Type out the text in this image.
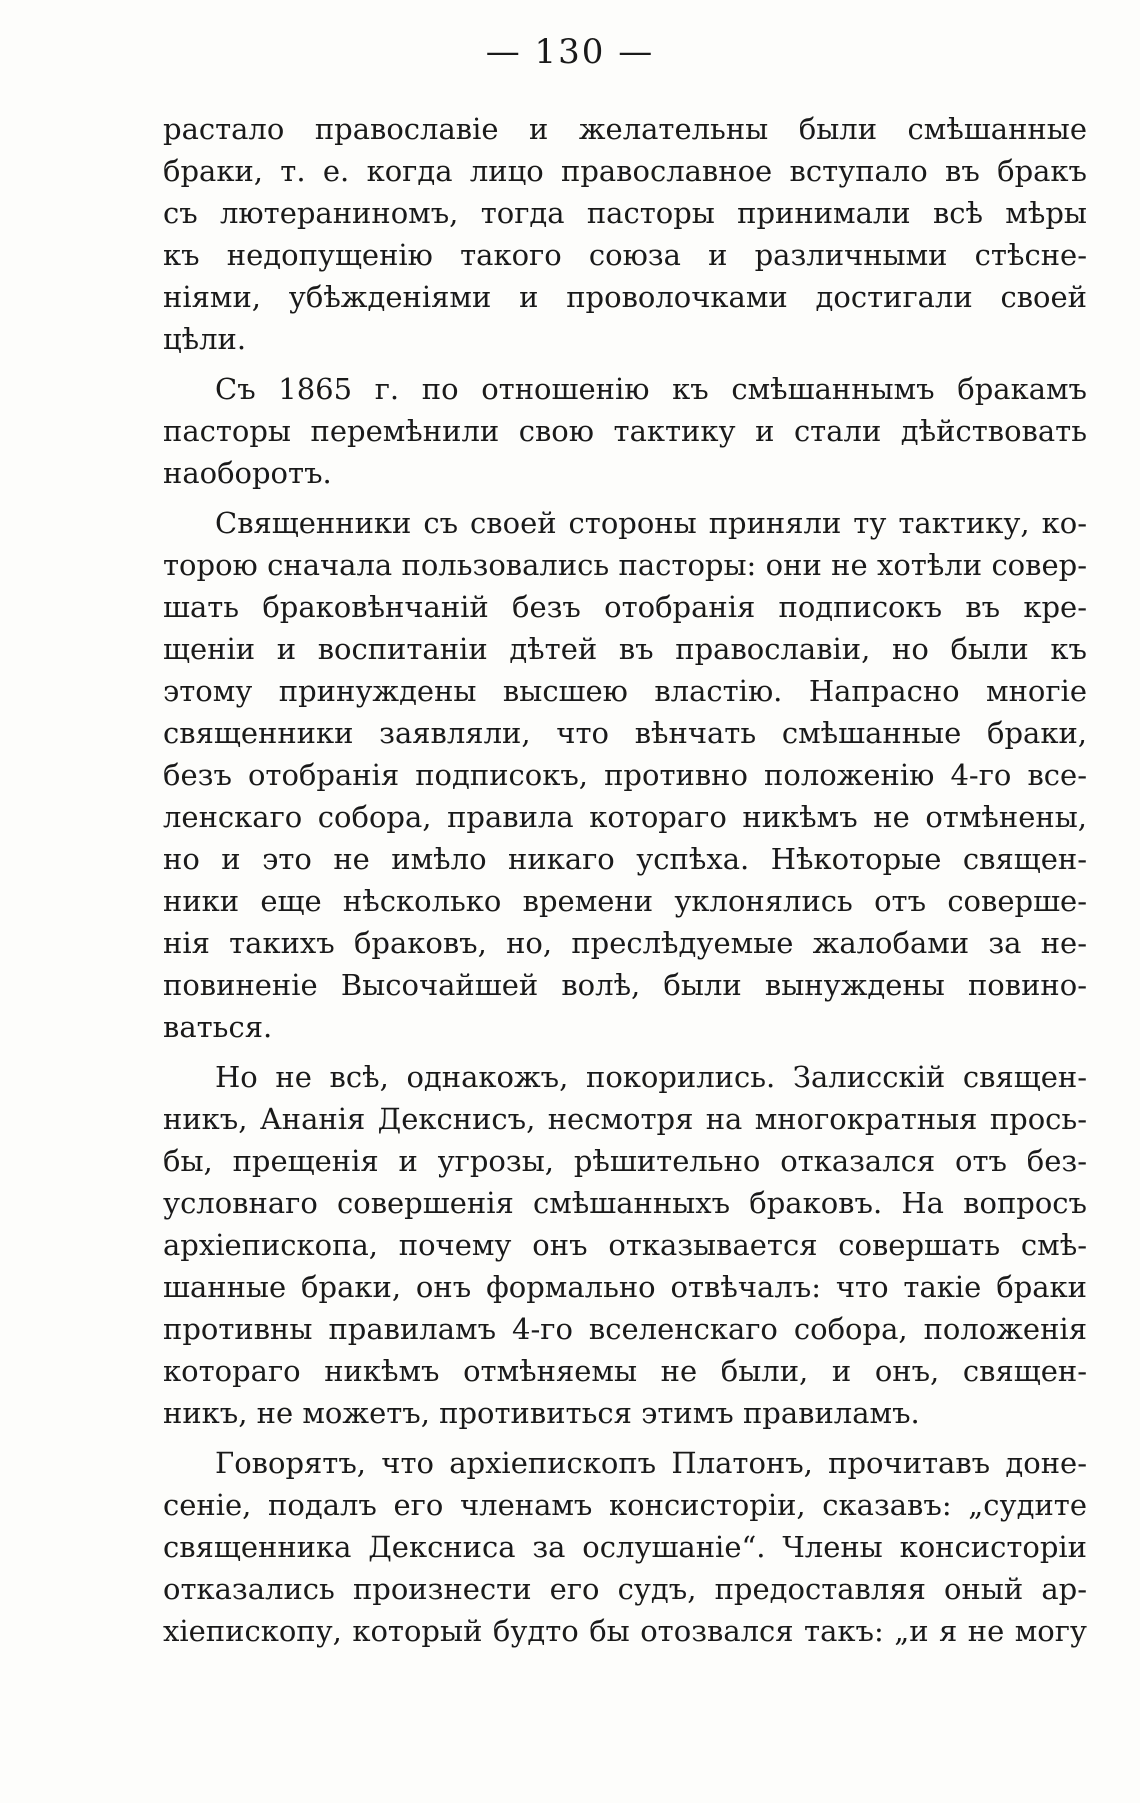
— 130 —
растало православіе и желательны были смѣшанные
браки, т. е. когда лицо православное вступало въ бракъ
съ лютераниномъ, тогда пасторы принимали всѣ мѣры
къ недопущенію такого союза и различными стѣсне-
ніями, убѣжденіями и проволочками достигали своей
цѣли.
Съ 1865 г. по отношенію къ смѣшаннымъ бракамъ
пасторы перемѣнили свою тактику и стали дѣйствовать
наоборотъ.
Священники съ своей стороны приняли ту тактику, ко-
торою сначала пользовались пасторы: они не хотѣли совер-
шать браковѣнчаній безъ отобранія подписокъ въ кре-
щеніи и воспитаніи дѣтей въ православіи, но были къ
этому принуждены высшею властію. Напрасно многіе
священники заявляли, что вѣнчать смѣшанные браки,
безъ отобранія подписокъ, противно положенію 4-го все-
ленскаго собора, правила котораго никѣмъ не отмѣнены,
но и это не имѣло никаго успѣха. Нѣкоторые священ-
ники еще нѣсколько времени уклонялись отъ соверше-
нія такихъ браковъ, но, преслѣдуемые жалобами за не-
повиненіе Высочайшей волѣ, были вынуждены повино-
ваться.
Но не всѣ, однакожъ, покорились. Залисскій священ-
никъ, Ананія Декснисъ, несмотря на многократныя прось-
бы, прещенія и угрозы, рѣшительно отказался отъ без-
условнаго совершенія смѣшанныхъ браковъ. На вопросъ
архіепископа, почему онъ отказывается совершать смѣ-
шанные браки, онъ формально отвѣчалъ: что такіе браки
противны правиламъ 4-го вселенскаго собора, положенія
котораго никѣмъ отмѣняемы не были, и онъ, священ-
никъ, не можетъ, противиться этимъ правиламъ.
Говорятъ, что архіепископъ Платонъ, прочитавъ доне-
сеніе, подалъ его членамъ консисторіи, сказавъ: „судите
священника Дексниса за ослушаніе“. Члены консисторіи
отказались произнести его судъ, предоставляя оный ар-
хіепископу, который будто бы отозвался такъ: „и я не могу
